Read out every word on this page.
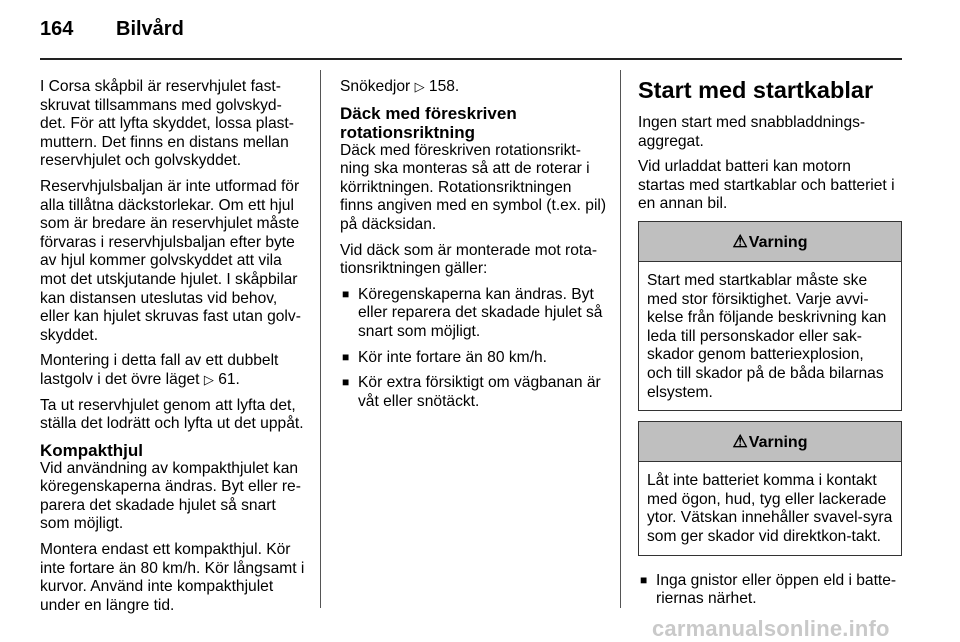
164 Bilvård

I Corsa skåpbil är reservhjulet fast-skruvat tillsammans med golvskyd-det. För att lyfta skyddet, lossa plast-muttern. Det finns en distans mellan reservhjulet och golvskyddet.

Reservhjulsbaljan är inte utformad för alla tillåtna däckstorlekar. Om ett hjul som är bredare än reservhjulet måste förvaras i reservhjulsbaljan efter byte av hjul kommer golvskyddet att vila mot det utskjutande hjulet. I skåpbilar kan distansen uteslutas vid behov, eller kan hjulet skruvas fast utan golv-skyddet.

Montering i detta fall av ett dubbelt lastgolv i det övre läget ▷ 61.

Ta ut reservhjulet genom att lyfta det, ställa det lodrätt och lyfta ut det uppåt.

Kompakthjul

Vid användning av kompakthjulet kan köregenskaperna ändras. Byt eller re-parera det skadade hjulet så snart som möjligt.

Montera endast ett kompakthjul. Kör inte fortare än 80 km/h. Kör långsamt i kurvor. Använd inte kompakthjulet under en längre tid.

Snökedjor ▷ 158.

Däck med föreskriven rotationsriktning

Däck med föreskriven rotationsrikt-ning ska monteras så att de roterar i körriktningen. Rotationsriktningen finns angiven med en symbol (t.ex. pil) på däcksidan.

Vid däck som är monterade mot rota-tionsriktningen gäller:

■ Köregenskaperna kan ändras. Byt eller reparera det skadade hjulet så snart som möjligt.
■ Kör inte fortare än 80 km/h.
■ Kör extra försiktigt om vägbanan är våt eller snötäckt.
Start med startkablar

Ingen start med snabbladdnings-aggregat.

Vid urladdat batteri kan motorn startas med startkablar och batteriet i en annan bil.

⚠Varning
Start med startkablar måste ske med stor försiktighet. Varje avvi-kelse från följande beskrivning kan leda till personskador eller sak-skador genom batteriexplosion, och till skador på de båda bilarnas elsystem.
⚠Varning
Låt inte batteriet komma i kontakt med ögon, hud, tyg eller lackerade ytor. Vätskan innehåller svavel-syra som ger skador vid direktkon-takt.
■ Inga gnistor eller öppen eld i batte-riernas närhet.
carmanualsonline.info
